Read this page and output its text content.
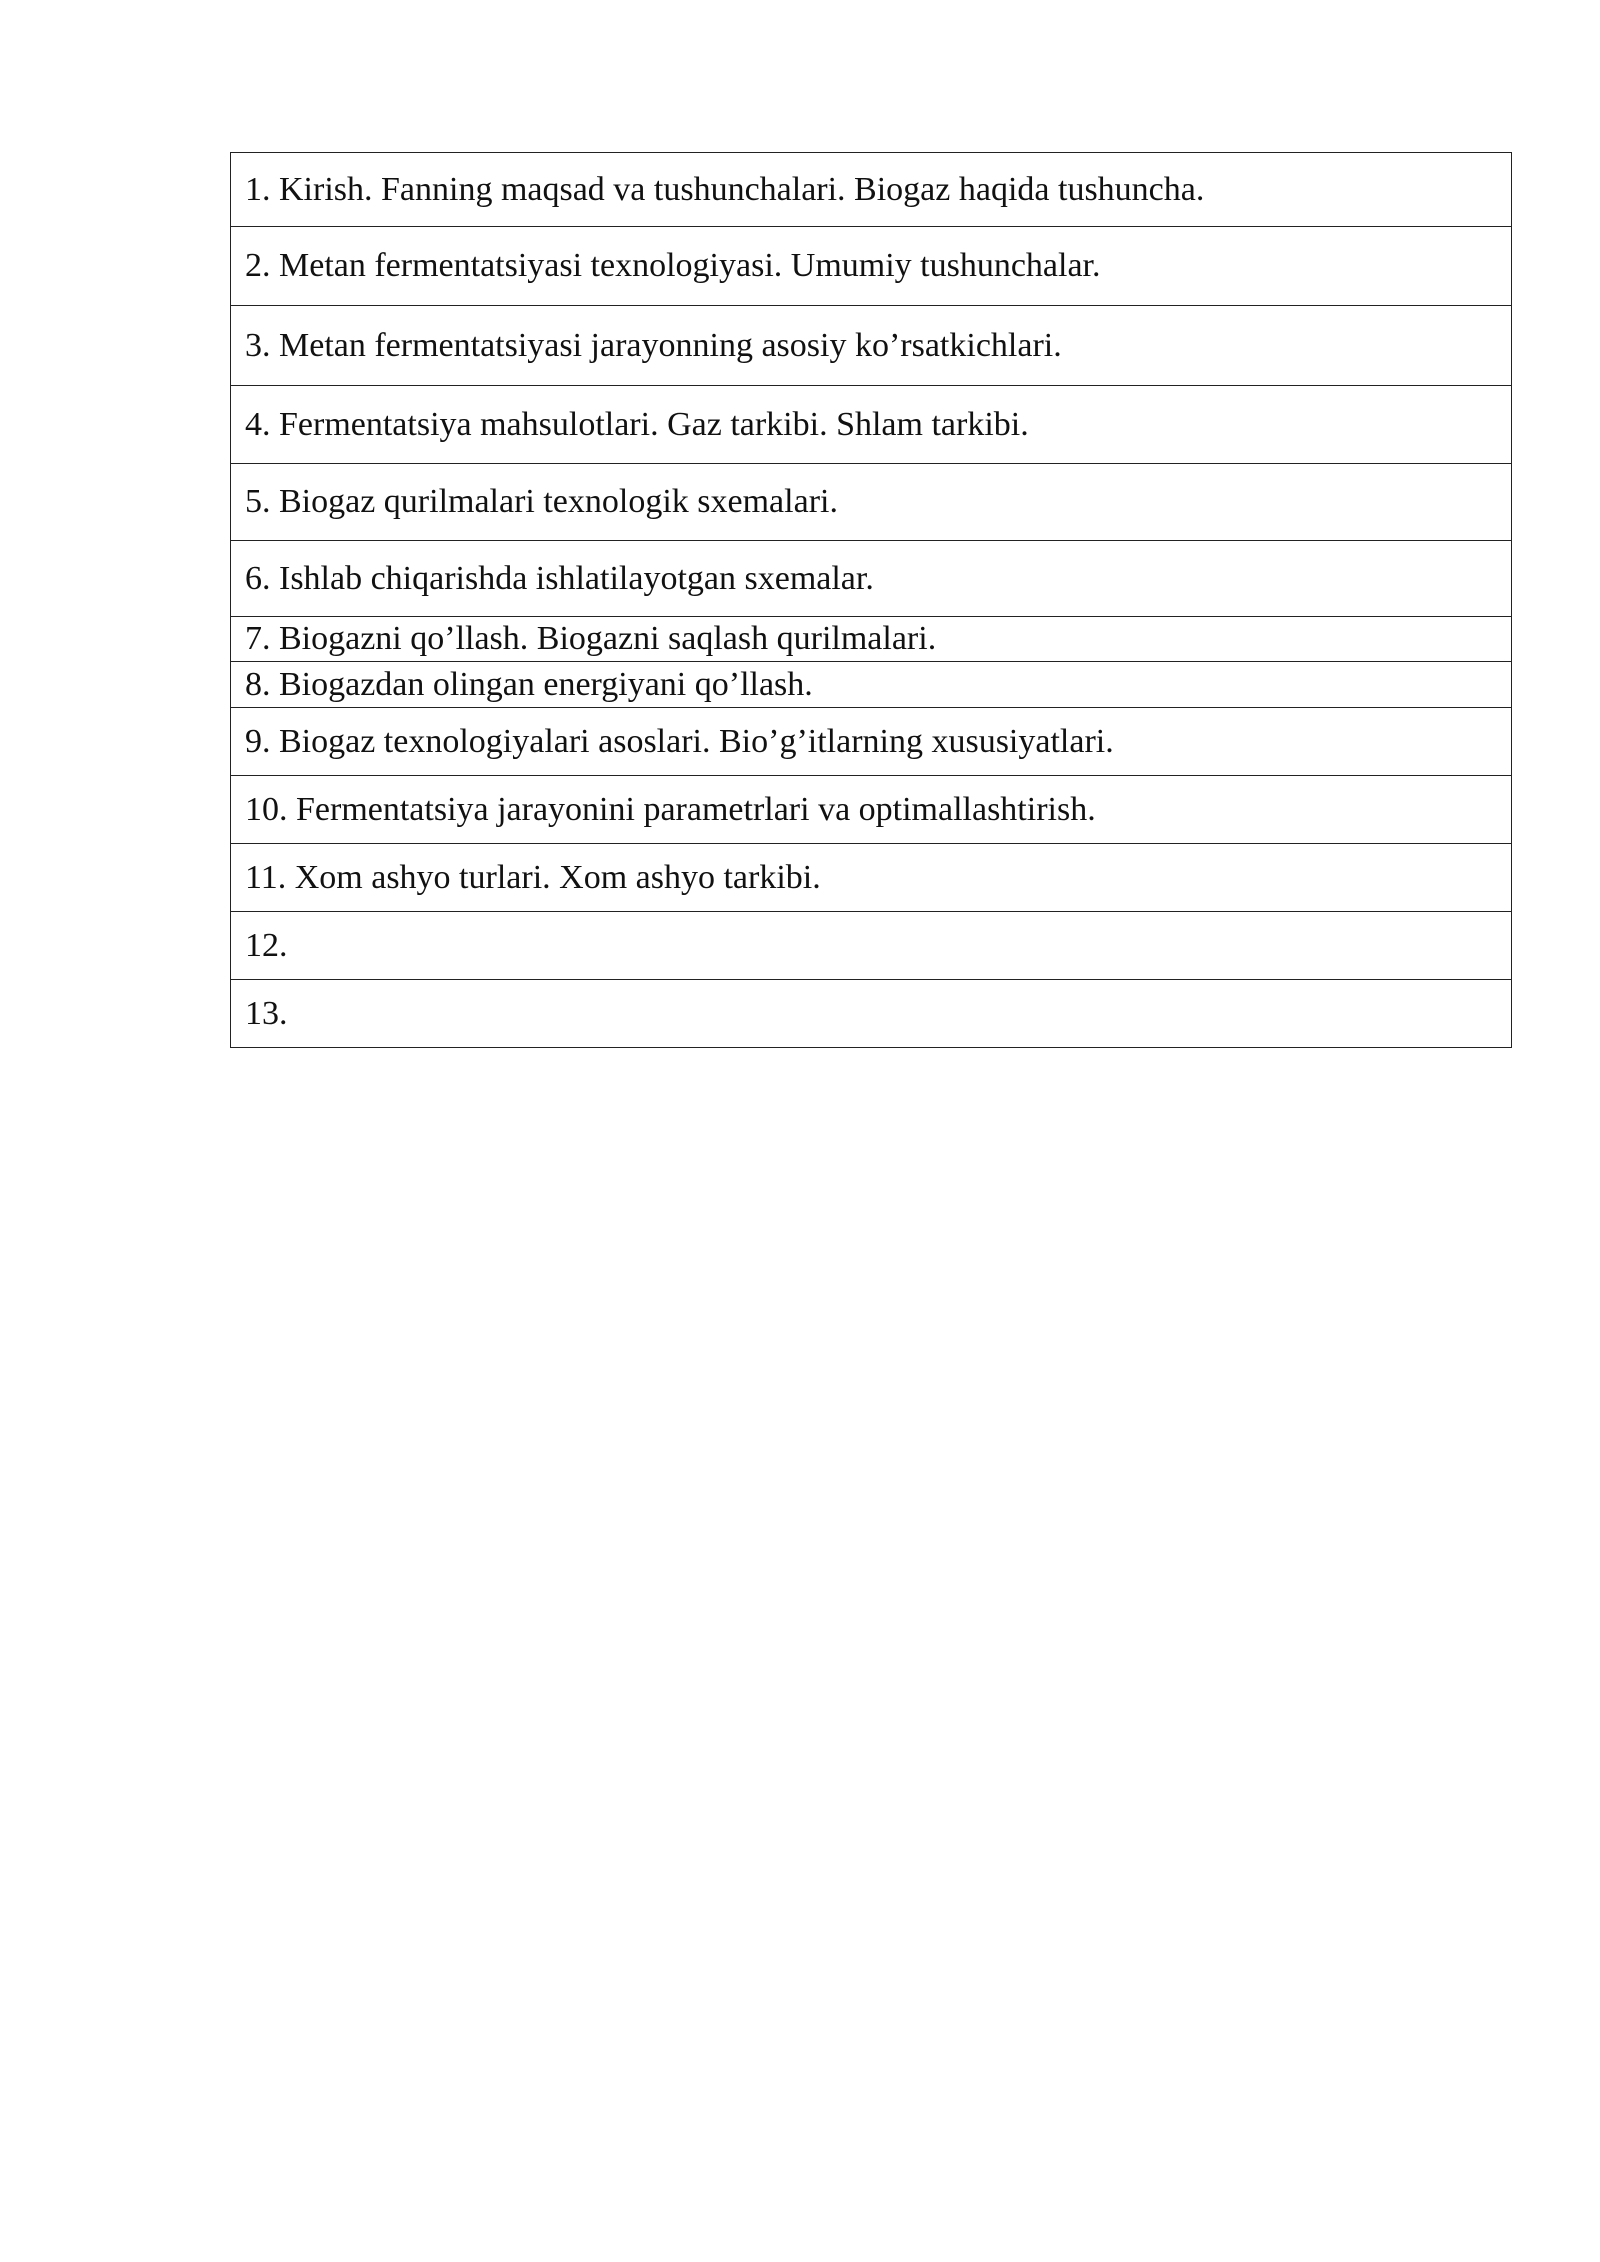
1. Kirish. Fanning maqsad va tushunchalari. Biogaz haqida tushuncha.
2. Metan fermentatsiyasi texnologiyasi. Umumiy tushunchalar.
3. Metan fermentatsiyasi jarayonning asosiy ko’rsatkichlari.
4. Fermentatsiya mahsulotlari. Gaz tarkibi. Shlam tarkibi.
5. Biogaz qurilmalari texnologik sxemalari.
6. Ishlab chiqarishda ishlatilayotgan sxemalar.
7. Biogazni qo’llash. Biogazni saqlash qurilmalari.
8. Biogazdan olingan energiyani qo’llash.
9. Biogaz texnologiyalari asoslari. Bio’g’itlarning xususiyatlari.
10. Fermentatsiya jarayonini parametrlari va optimallashtirish.
11. Xom ashyo turlari. Xom ashyo tarkibi.
12.
13.
